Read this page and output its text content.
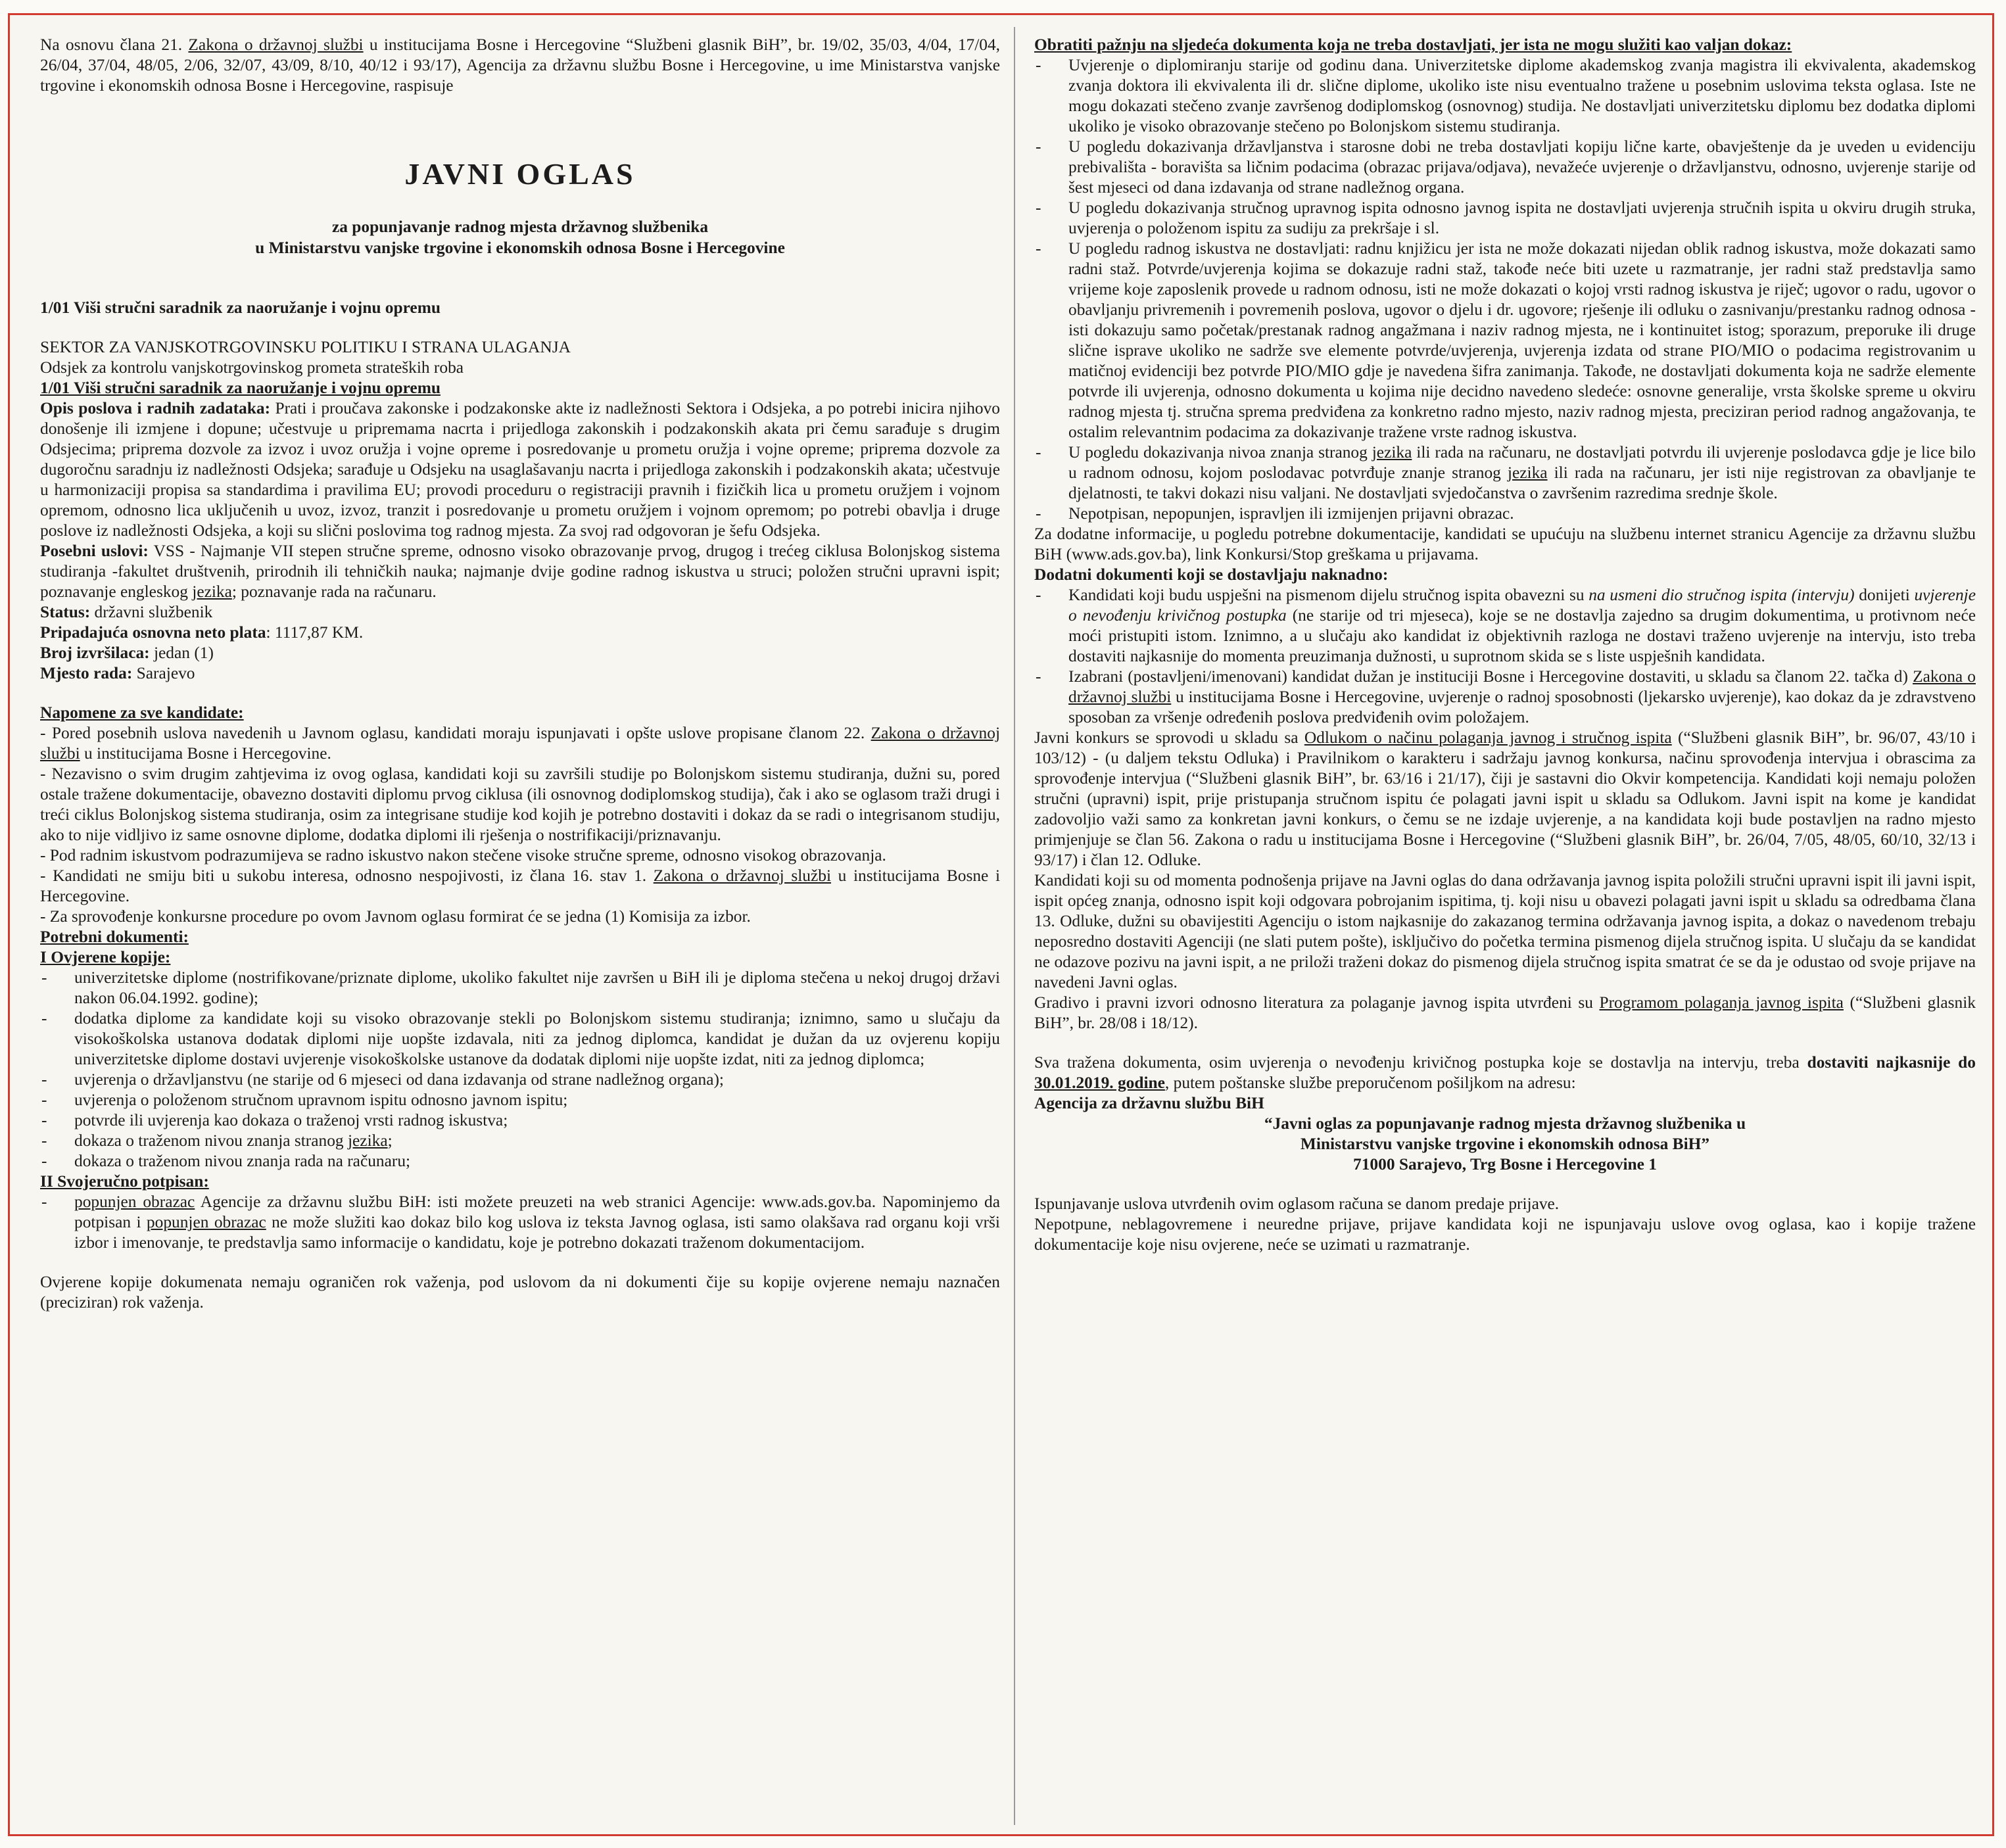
Na osnovu člana 21. Zakona o državnoj službi u institucijama Bosne i Hercegovine “Službeni glasnik BiH”, br. 19/02, 35/03, 4/04, 17/04, 26/04, 37/04, 48/05, 2/06, 32/07, 43/09, 8/10, 40/12 i 93/17), Agencija za državnu službu Bosne i Hercegovine, u ime Ministarstva vanjske trgovine i ekonomskih odnosa Bosne i Hercegovine, raspisuje

JAVNI OGLAS

za popunjavanje radnog mjesta državnog službenika

u Ministarstvu vanjske trgovine i ekonomskih odnosa Bosne i Hercegovine

1/01 Viši stručni saradnik za naoružanje i vojnu opremu

SEKTOR ZA VANJSKOTRGOVINSKU POLITIKU I STRANA ULAGANJA

Odsjek za kontrolu vanjskotrgovinskog prometa strateških roba

1/01 Viši stručni saradnik za naoružanje i vojnu opremu

Opis poslova i radnih zadataka: Prati i proučava zakonske i podzakonske akte iz nadležnosti Sektora i Odsjeka, a po potrebi inicira njihovo donošenje ili izmjene i dopune; učestvuje u pripremama nacrta i prijedloga zakonskih i podzakonskih akata pri čemu sarađuje s drugim Odsjecima; priprema dozvole za izvoz i uvoz oružja i vojne opreme i posredovanje u prometu oružja i vojne opreme; priprema dozvole za dugoročnu saradnju iz nadležnosti Odsjeka; sarađuje u Odsjeku na usaglašavanju nacrta i prijedloga zakonskih i podzakonskih akata; učestvuje u harmonizaciji propisa sa standardima i pravilima EU; provodi proceduru o registraciji pravnih i fizičkih lica u prometu oružjem i vojnom opremom, odnosno lica uključenih u uvoz, izvoz, tranzit i posredovanje u prometu oružjem i vojnom opremom; po potrebi obavlja i druge poslove iz nadležnosti Odsjeka, a koji su slični poslovima tog radnog mjesta. Za svoj rad odgovoran je šefu Odsjeka.

Posebni uslovi: VSS - Najmanje VII stepen stručne spreme, odnosno visoko obrazovanje prvog, drugog i trećeg ciklusa Bolonjskog sistema studiranja -fakultet društvenih, prirodnih ili tehničkih nauka; najmanje dvije godine radnog iskustva u struci; položen stručni upravni ispit; poznavanje engleskog jezika; poznavanje rada na računaru.

Status: državni službenik

Pripadajuća osnovna neto plata: 1117,87 KM.

Broj izvršilaca: jedan (1)

Mjesto rada: Sarajevo

Napomene za sve kandidate:

- Pored posebnih uslova navedenih u Javnom oglasu, kandidati moraju ispunjavati i opšte uslove propisane članom 22. Zakona o državnoj službi u institucijama Bosne i Hercegovine.

- Nezavisno o svim drugim zahtjevima iz ovog oglasa, kandidati koji su završili studije po Bolonjskom sistemu studiranja, dužni su, pored ostale tražene dokumentacije, obavezno dostaviti diplomu prvog ciklusa (ili osnovnog dodiplomskog studija), čak i ako se oglasom traži drugi i treći ciklus Bolonjskog sistema studiranja, osim za integrisane studije kod kojih je potrebno dostaviti i dokaz da se radi o integrisanom studiju, ako to nije vidljivo iz same osnovne diplome, dodatka diplomi ili rješenja o nostrifikaciji/priznavanju.

- Pod radnim iskustvom podrazumijeva se radno iskustvo nakon stečene visoke stručne spreme, odnosno visokog obrazovanja.

- Kandidati ne smiju biti u sukobu interesa, odnosno nespojivosti, iz člana 16. stav 1. Zakona o državnoj službi u institucijama Bosne i Hercegovine.

- Za sprovođenje konkursne procedure po ovom Javnom oglasu formirat će se jedna (1) Komisija za izbor.

Potrebni dokumenti:

I Ovjerene kopije:

- univerzitetske diplome (nostrifikovane/priznate diplome, ukoliko fakultet nije završen u BiH ili je diploma stečena u nekoj drugoj državi nakon 06.04.1992. godine);
- dodatka diplome za kandidate koji su visoko obrazovanje stekli po Bolonjskom sistemu studiranja; iznimno, samo u slučaju da visokoškolska ustanova dodatak diplomi nije uopšte izdavala, niti za jednog diplomca, kandidat je dužan da uz ovjerenu kopiju univerzitetske diplome dostavi uvjerenje visokoškolske ustanove da dodatak diplomi nije uopšte izdat, niti za jednog diplomca;
- uvjerenja o državljanstvu (ne starije od 6 mjeseci od dana izdavanja od strane nadležnog organa);
- uvjerenja o položenom stručnom upravnom ispitu odnosno javnom ispitu;
- potvrde ili uvjerenja kao dokaza o traženoj vrsti radnog iskustva;
- dokaza o traženom nivou znanja stranog jezika;
- dokaza o traženom nivou znanja rada na računaru;

II Svojeručno potpisan:

- popunjen obrazac Agencije za državnu službu BiH: isti možete preuzeti na web stranici Agencije: www.ads.gov.ba. Napominjemo da potpisan i popunjen obrazac ne može služiti kao dokaz bilo kog uslova iz teksta Javnog oglasa, isti samo olakšava rad organu koji vrši izbor i imenovanje, te predstavlja samo informacije o kandidatu, koje je potrebno dokazati traženom dokumentacijom.

Ovjerene kopije dokumenata nemaju ograničen rok važenja, pod uslovom da ni dokumenti čije su kopije ovjerene nemaju naznačen (preciziran) rok važenja.

Obratiti pažnju na sljedeća dokumenta koja ne treba dostavljati, jer ista ne mogu služiti kao valjan dokaz:

- Uvjerenje o diplomiranju starije od godinu dana. Univerzitetske diplome akademskog zvanja magistra ili ekvivalenta, akademskog zvanja doktora ili ekvivalenta ili dr. slične diplome, ukoliko iste nisu eventualno tražene u posebnim uslovima teksta oglasa. Iste ne mogu dokazati stečeno zvanje završenog dodiplomskog (osnovnog) studija. Ne dostavljati univerzitetsku diplomu bez dodatka diplomi ukoliko je visoko obrazovanje stečeno po Bolonjskom sistemu studiranja.
- U pogledu dokazivanja državljanstva i starosne dobi ne treba dostavljati kopiju lične karte, obavještenje da je uveden u evidenciju prebivališta - boravišta sa ličnim podacima (obrazac prijava/odjava), nevažeće uvjerenje o državljanstvu, odnosno, uvjerenje starije od šest mjeseci od dana izdavanja od strane nadležnog organa.
- U pogledu dokazivanja stručnog upravnog ispita odnosno javnog ispita ne dostavljati uvjerenja stručnih ispita u okviru drugih struka, uvjerenja o položenom ispitu za sudiju za prekršaje i sl.
- U pogledu radnog iskustva ne dostavljati: radnu knjižicu jer ista ne može dokazati nijedan oblik radnog iskustva, može dokazati samo radni staž. Potvrde/uvjerenja kojima se dokazuje radni staž, takođe neće biti uzete u razmatranje, jer radni staž predstavlja samo vrijeme koje zaposlenik provede u radnom odnosu, isti ne može dokazati o kojoj vrsti radnog iskustva je riječ; ugovor o radu, ugovor o obavljanju privremenih i povremenih poslova, ugovor o djelu i dr. ugovore; rješenje ili odluku o zasnivanju/prestanku radnog odnosa - isti dokazuju samo početak/prestanak radnog angažmana i naziv radnog mjesta, ne i kontinuitet istog; sporazum, preporuke ili druge slične isprave ukoliko ne sadrže sve elemente potvrde/uvjerenja, uvjerenja izdata od strane PIO/MIO o podacima registrovanim u matičnoj evidenciji bez potvrde PIO/MIO gdje je navedena šifra zanimanja. Takođe, ne dostavljati dokumenta koja ne sadrže elemente potvrde ili uvjerenja, odnosno dokumenta u kojima nije decidno navedeno sledeće: osnovne generalije, vrsta školske spreme u okviru radnog mjesta tj. stručna sprema predviđena za konkretno radno mjesto, naziv radnog mjesta, preciziran period radnog angažovanja, te ostalim relevantnim podacima za dokazivanje tražene vrste radnog iskustva.
- U pogledu dokazivanja nivoa znanja stranog jezika ili rada na računaru, ne dostavljati potvrdu ili uvjerenje poslodavca gdje je lice bilo u radnom odnosu, kojom poslodavac potvrđuje znanje stranog jezika ili rada na računaru, jer isti nije registrovan za obavljanje te djelatnosti, te takvi dokazi nisu valjani. Ne dostavljati svjedočanstva o završenim razredima srednje škole.
- Nepotpisan, nepopunjen, ispravljen ili izmijenjen prijavni obrazac.

Za dodatne informacije, u pogledu potrebne dokumentacije, kandidati se upućuju na službenu internet stranicu Agencije za državnu službu BiH (www.ads.gov.ba), link Konkursi/Stop greškama u prijavama.

Dodatni dokumenti koji se dostavljaju naknadno:

- Kandidati koji budu uspješni na pismenom dijelu stručnog ispita obavezni su na usmeni dio stručnog ispita (intervju) donijeti uvjerenje o nevođenju krivičnog postupka (ne starije od tri mjeseca), koje se ne dostavlja zajedno sa drugim dokumentima, u protivnom neće moći pristupiti istom. Iznimno, a u slučaju ako kandidat iz objektivnih razloga ne dostavi traženo uvjerenje na intervju, isto treba dostaviti najkasnije do momenta preuzimanja dužnosti, u suprotnom skida se s liste uspješnih kandidata.
- Izabrani (postavljeni/imenovani) kandidat dužan je instituciji Bosne i Hercegovine dostaviti, u skladu sa članom 22. tačka d) Zakona o državnoj službi u institucijama Bosne i Hercegovine, uvjerenje o radnoj sposobnosti (ljekarsko uvjerenje), kao dokaz da je zdravstveno sposoban za vršenje određenih poslova predviđenih ovim položajem.

Javni konkurs se sprovodi u skladu sa Odlukom o načinu polaganja javnog i stručnog ispita (“Službeni glasnik BiH”, br. 96/07, 43/10 i 103/12) - (u daljem tekstu Odluka) i Pravilnikom o karakteru i sadržaju javnog konkursa, načinu sprovođenja intervjua i obrascima za sprovođenje intervjua (“Službeni glasnik BiH”, br. 63/16 i 21/17), čiji je sastavni dio Okvir kompetencija. Kandidati koji nemaju položen stručni (upravni) ispit, prije pristupanja stručnom ispitu će polagati javni ispit u skladu sa Odlukom. Javni ispit na kome je kandidat zadovoljio važi samo za konkretan javni konkurs, o čemu se ne izdaje uvjerenje, a na kandidata koji bude postavljen na radno mjesto primjenjuje se član 56. Zakona o radu u institucijama Bosne i Hercegovine (“Službeni glasnik BiH”, br. 26/04, 7/05, 48/05, 60/10, 32/13 i 93/17) i član 12. Odluke.

Kandidati koji su od momenta podnošenja prijave na Javni oglas do dana održavanja javnog ispita položili stručni upravni ispit ili javni ispit, ispit općeg znanja, odnosno ispit koji odgovara pobrojanim ispitima, tj. koji nisu u obavezi polagati javni ispit u skladu sa odredbama člana 13. Odluke, dužni su obavijestiti Agenciju o istom najkasnije do zakazanog termina održavanja javnog ispita, a dokaz o navedenom trebaju neposredno dostaviti Agenciji (ne slati putem pošte), isključivo do početka termina pismenog dijela stručnog ispita. U slučaju da se kandidat ne odazove pozivu na javni ispit, a ne priloži traženi dokaz do pismenog dijela stručnog ispita smatrat će se da je odustao od svoje prijave na navedeni Javni oglas.

Gradivo i pravni izvori odnosno literatura za polaganje javnog ispita utvrđeni su Programom polaganja javnog ispita (“Službeni glasnik BiH”, br. 28/08 i 18/12).

Sva tražena dokumenta, osim uvjerenja o nevođenju krivičnog postupka koje se dostavlja na intervju, treba dostaviti najkasnije do 30.01.2019. godine, putem poštanske službe preporučenom pošiljkom na adresu:

Agencija za državnu službu BiH

“Javni oglas za popunjavanje radnog mjesta državnog službenika u

Ministarstvu vanjske trgovine i ekonomskih odnosa BiH”

71000 Sarajevo, Trg Bosne i Hercegovine 1

Ispunjavanje uslova utvrđenih ovim oglasom računa se danom predaje prijave.

Nepotpune, neblagovremene i neuredne prijave, prijave kandidata koji ne ispunjavaju uslove ovog oglasa, kao i kopije tražene dokumentacije koje nisu ovjerene, neće se uzimati u razmatranje.
